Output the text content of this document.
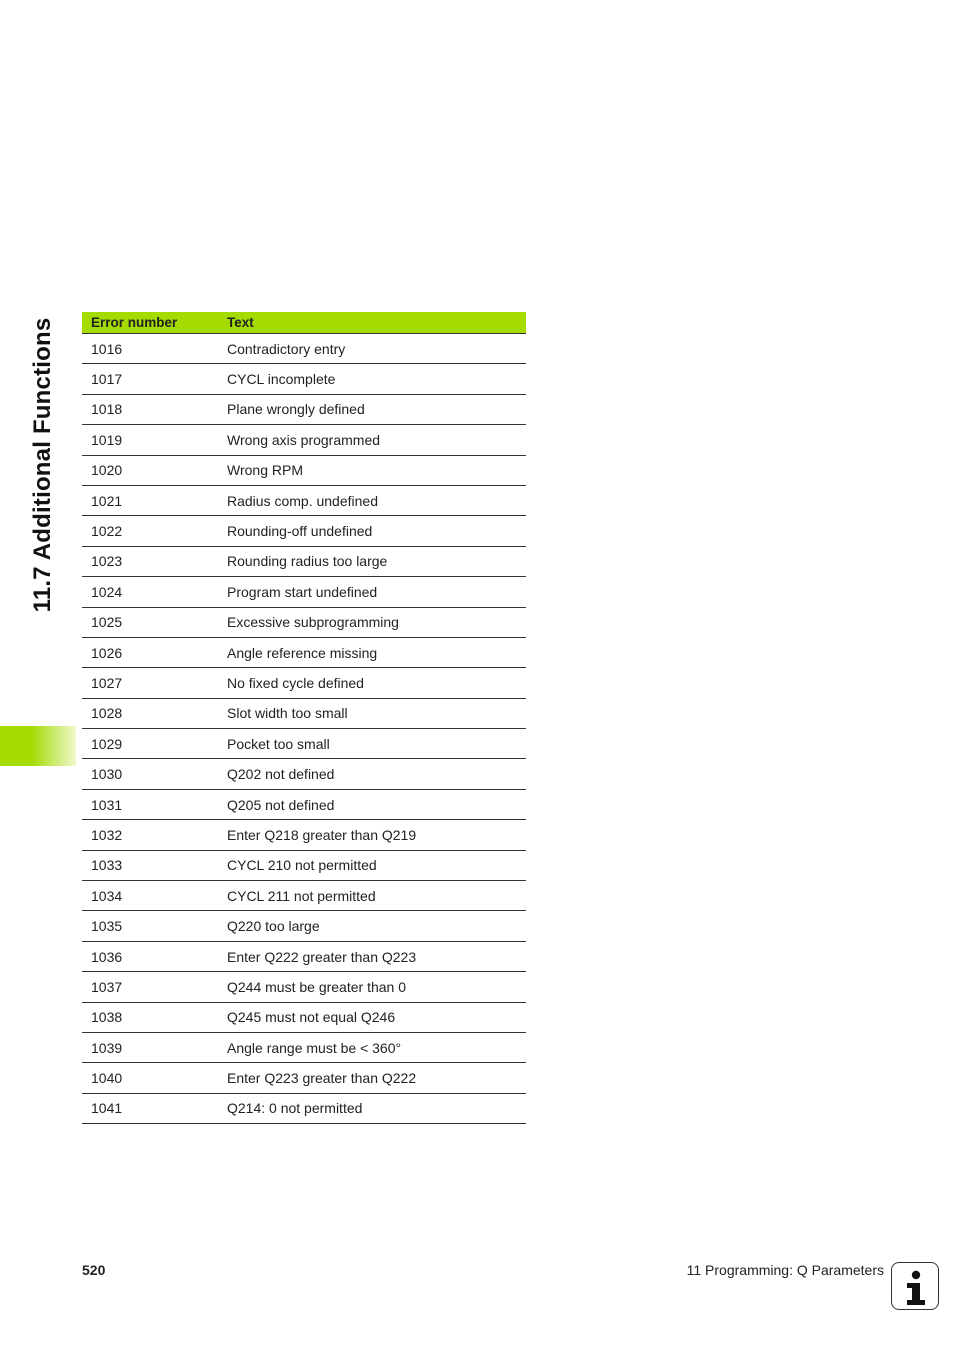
11.7 Additional Functions	Error number	Text
1016	Contradictory entry
1017	CYCL incomplete
1018	Plane wrongly defined
1019	Wrong axis programmed
1020	Wrong RPM
1021	Radius comp. undefined
1022	Rounding-off undefined
1023	Rounding radius too large
1024	Program start undefined
1025	Excessive subprogramming
1026	Angle reference missing
1027	No fixed cycle defined
1028	Slot width too small
1029	Pocket too small
1030	Q202 not defined
1031	Q205 not defined
1032	Enter Q218 greater than Q219
1033	CYCL 210 not permitted
1034	CYCL 211 not permitted
1035	Q220 too large
1036	Enter Q222 greater than Q223
1037	Q244 must be greater than 0
1038	Q245 must not equal Q246
1039	Angle range must be < 360°
1040	Enter Q223 greater than Q222
1041	Q214: 0 not permitted
520	11 Programming: Q Parameters
